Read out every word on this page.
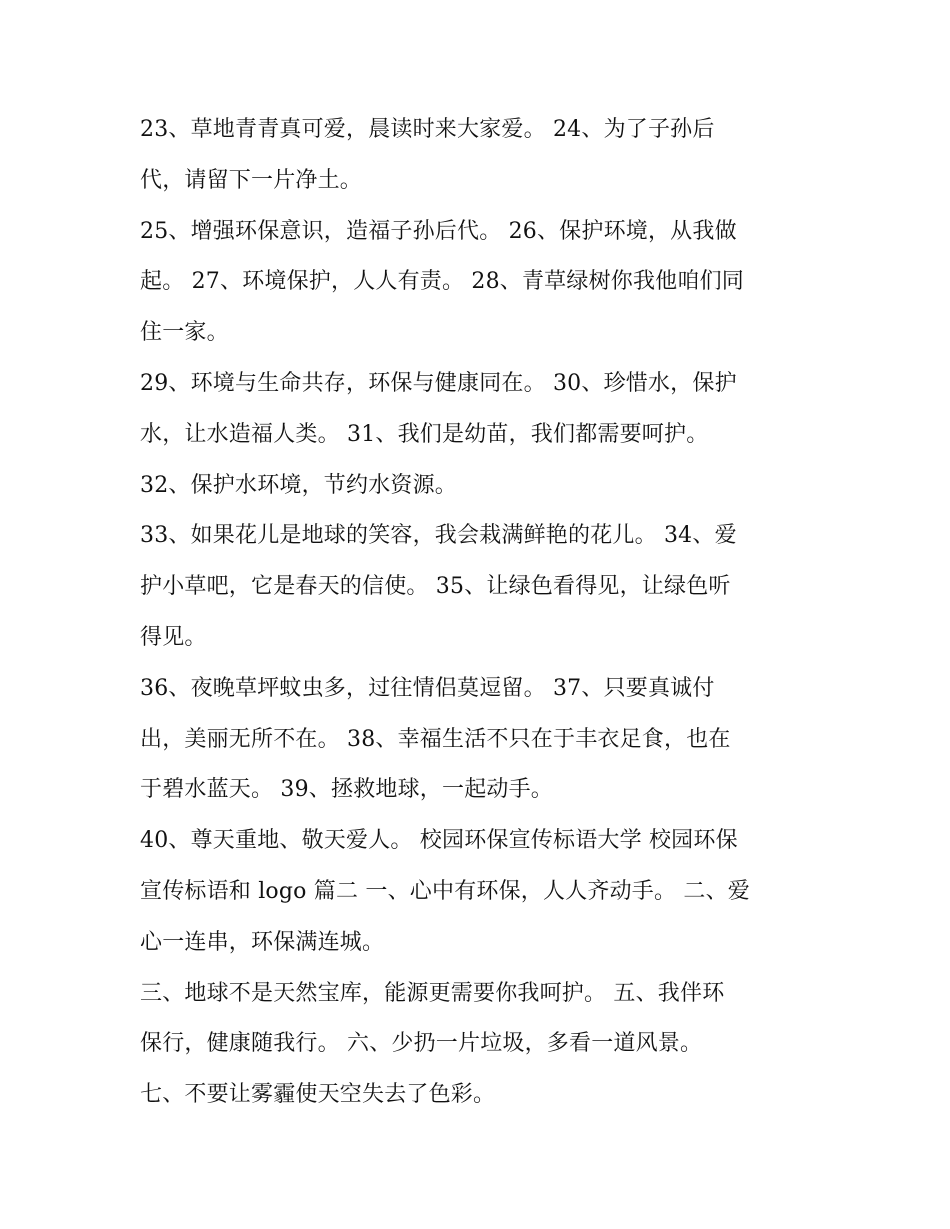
23、草地青青真可爱，晨读时来大家爱。 24、为了子孙后
代，请留下一片净土。
25、增强环保意识，造福子孙后代。 26、保护环境，从我做
起。 27、环境保护，人人有责。 28、青草绿树你我他咱们同
住一家。
29、环境与生命共存，环保与健康同在。 30、珍惜水，保护
水，让水造福人类。 31、我们是幼苗，我们都需要呵护。
32、保护水环境，节约水资源。
33、如果花儿是地球的笑容，我会栽满鲜艳的花儿。 34、爱
护小草吧，它是春天的信使。 35、让绿色看得见，让绿色听
得见。
36、夜晚草坪蚊虫多，过往情侣莫逗留。 37、只要真诚付
出，美丽无所不在。 38、幸福生活不只在于丰衣足食，也在
于碧水蓝天。 39、拯救地球，一起动手。
40、尊天重地、敬天爱人。 校园环保宣传标语大学 校园环保
宣传标语和 logo 篇二 一、心中有环保，人人齐动手。 二、爱
心一连串，环保满连城。
三、地球不是天然宝库，能源更需要你我呵护。 五、我伴环
保行，健康随我行。 六、少扔一片垃圾，多看一道风景。
七、不要让雾霾使天空失去了色彩。
